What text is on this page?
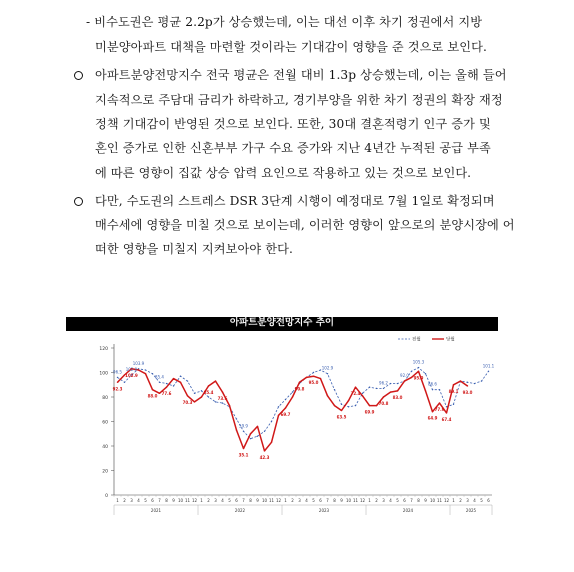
- 비수도권은 평균 2.2p가 상승했는데, 이는 대선 이후 차기 정권에서 지방
미분양아파트 대책을 마련할 것이라는 기대감이 영향을 준 것으로 보인다.
아파트분양전망지수 전국 평균은 전월 대비 1.3p 상승했는데, 이는 올해 들어
지속적으로 주담대 금리가 하락하고, 경기부양을 위한 차기 정권의 확장 재정
정책 기대감이 반영된 것으로 보인다. 또한, 30대 결혼적령기 인구 증가 및
혼인 증가로 인한 신혼부부 가구 수요 증가와 지난 4년간 누적된 공급 부족
에 따른 영향이 집값 상승 압력 요인으로 작용하고 있는 것으로 보인다.
다만, 수도권의 스트레스 DSR 3단계 시행이 예정대로 7월 1일로 확정되며
매수세에 영향을 미칠 것으로 보이는데, 이러한 영향이 앞으로의 분양시장에 어
떠한 영향을 미칠지 지켜보아야 한다.
아파트분양전망지수 추이
0
20
40
60
80
100
120
1 2 3 4 5 6 7 8 9 10 11 12 1 2 3 4 5 6 7 8 9 10 11 12 1 2 3 4 5 6 7 8 9 10 11 12 1 2 3 4 5 6 7 8 9 10 11 12 1 2 3 4 5 6
2021	2022	2023	2024	2025
전월	당월
96.5 102.9
103.9
85.4
59.9
102.9
96.2
92.0
105.3
86.6
101.1
92.3
102.9
88.0 77.6
70.3
85.4
73.6
35.1	42.3
69.7
90.8
95.0
63.5
72.4
69.9
70.8
83.0
95.9
64.9
77.9
67.4
89.1 93.0
